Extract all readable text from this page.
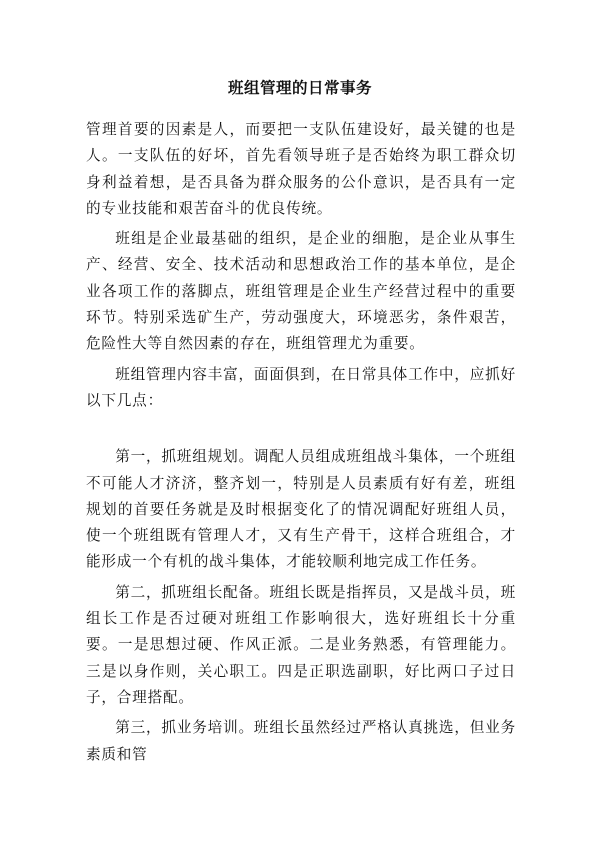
班组管理的日常事务

管理首要的因素是人，而要把一支队伍建设好，最关键的也是人。一支队伍的好坏，首先看领导班子是否始终为职工群众切身利益着想，是否具备为群众服务的公仆意识，是否具有一定的专业技能和艰苦奋斗的优良传统。

班组是企业最基础的组织，是企业的细胞，是企业从事生产、经营、安全、技术活动和思想政治工作的基本单位，是企业各项工作的落脚点，班组管理是企业生产经营过程中的重要环节。特别采选矿生产，劳动强度大，环境恶劣，条件艰苦，危险性大等自然因素的存在，班组管理尤为重要。

班组管理内容丰富，面面俱到，在日常具体工作中，应抓好以下几点：

第一，抓班组规划。调配人员组成班组战斗集体，一个班组不可能人才济济，整齐划一，特别是人员素质有好有差，班组规划的首要任务就是及时根据变化了的情况调配好班组人员，使一个班组既有管理人才，又有生产骨干，这样合班组合，才能形成一个有机的战斗集体，才能较顺利地完成工作任务。

第二，抓班组长配备。班组长既是指挥员，又是战斗员，班组长工作是否过硬对班组工作影响很大，选好班组长十分重要。一是思想过硬、作风正派。二是业务熟悉，有管理能力。三是以身作则，关心职工。四是正职选副职，好比两口子过日子，合理搭配。

第三，抓业务培训。班组长虽然经过严格认真挑选，但业务素质和管
